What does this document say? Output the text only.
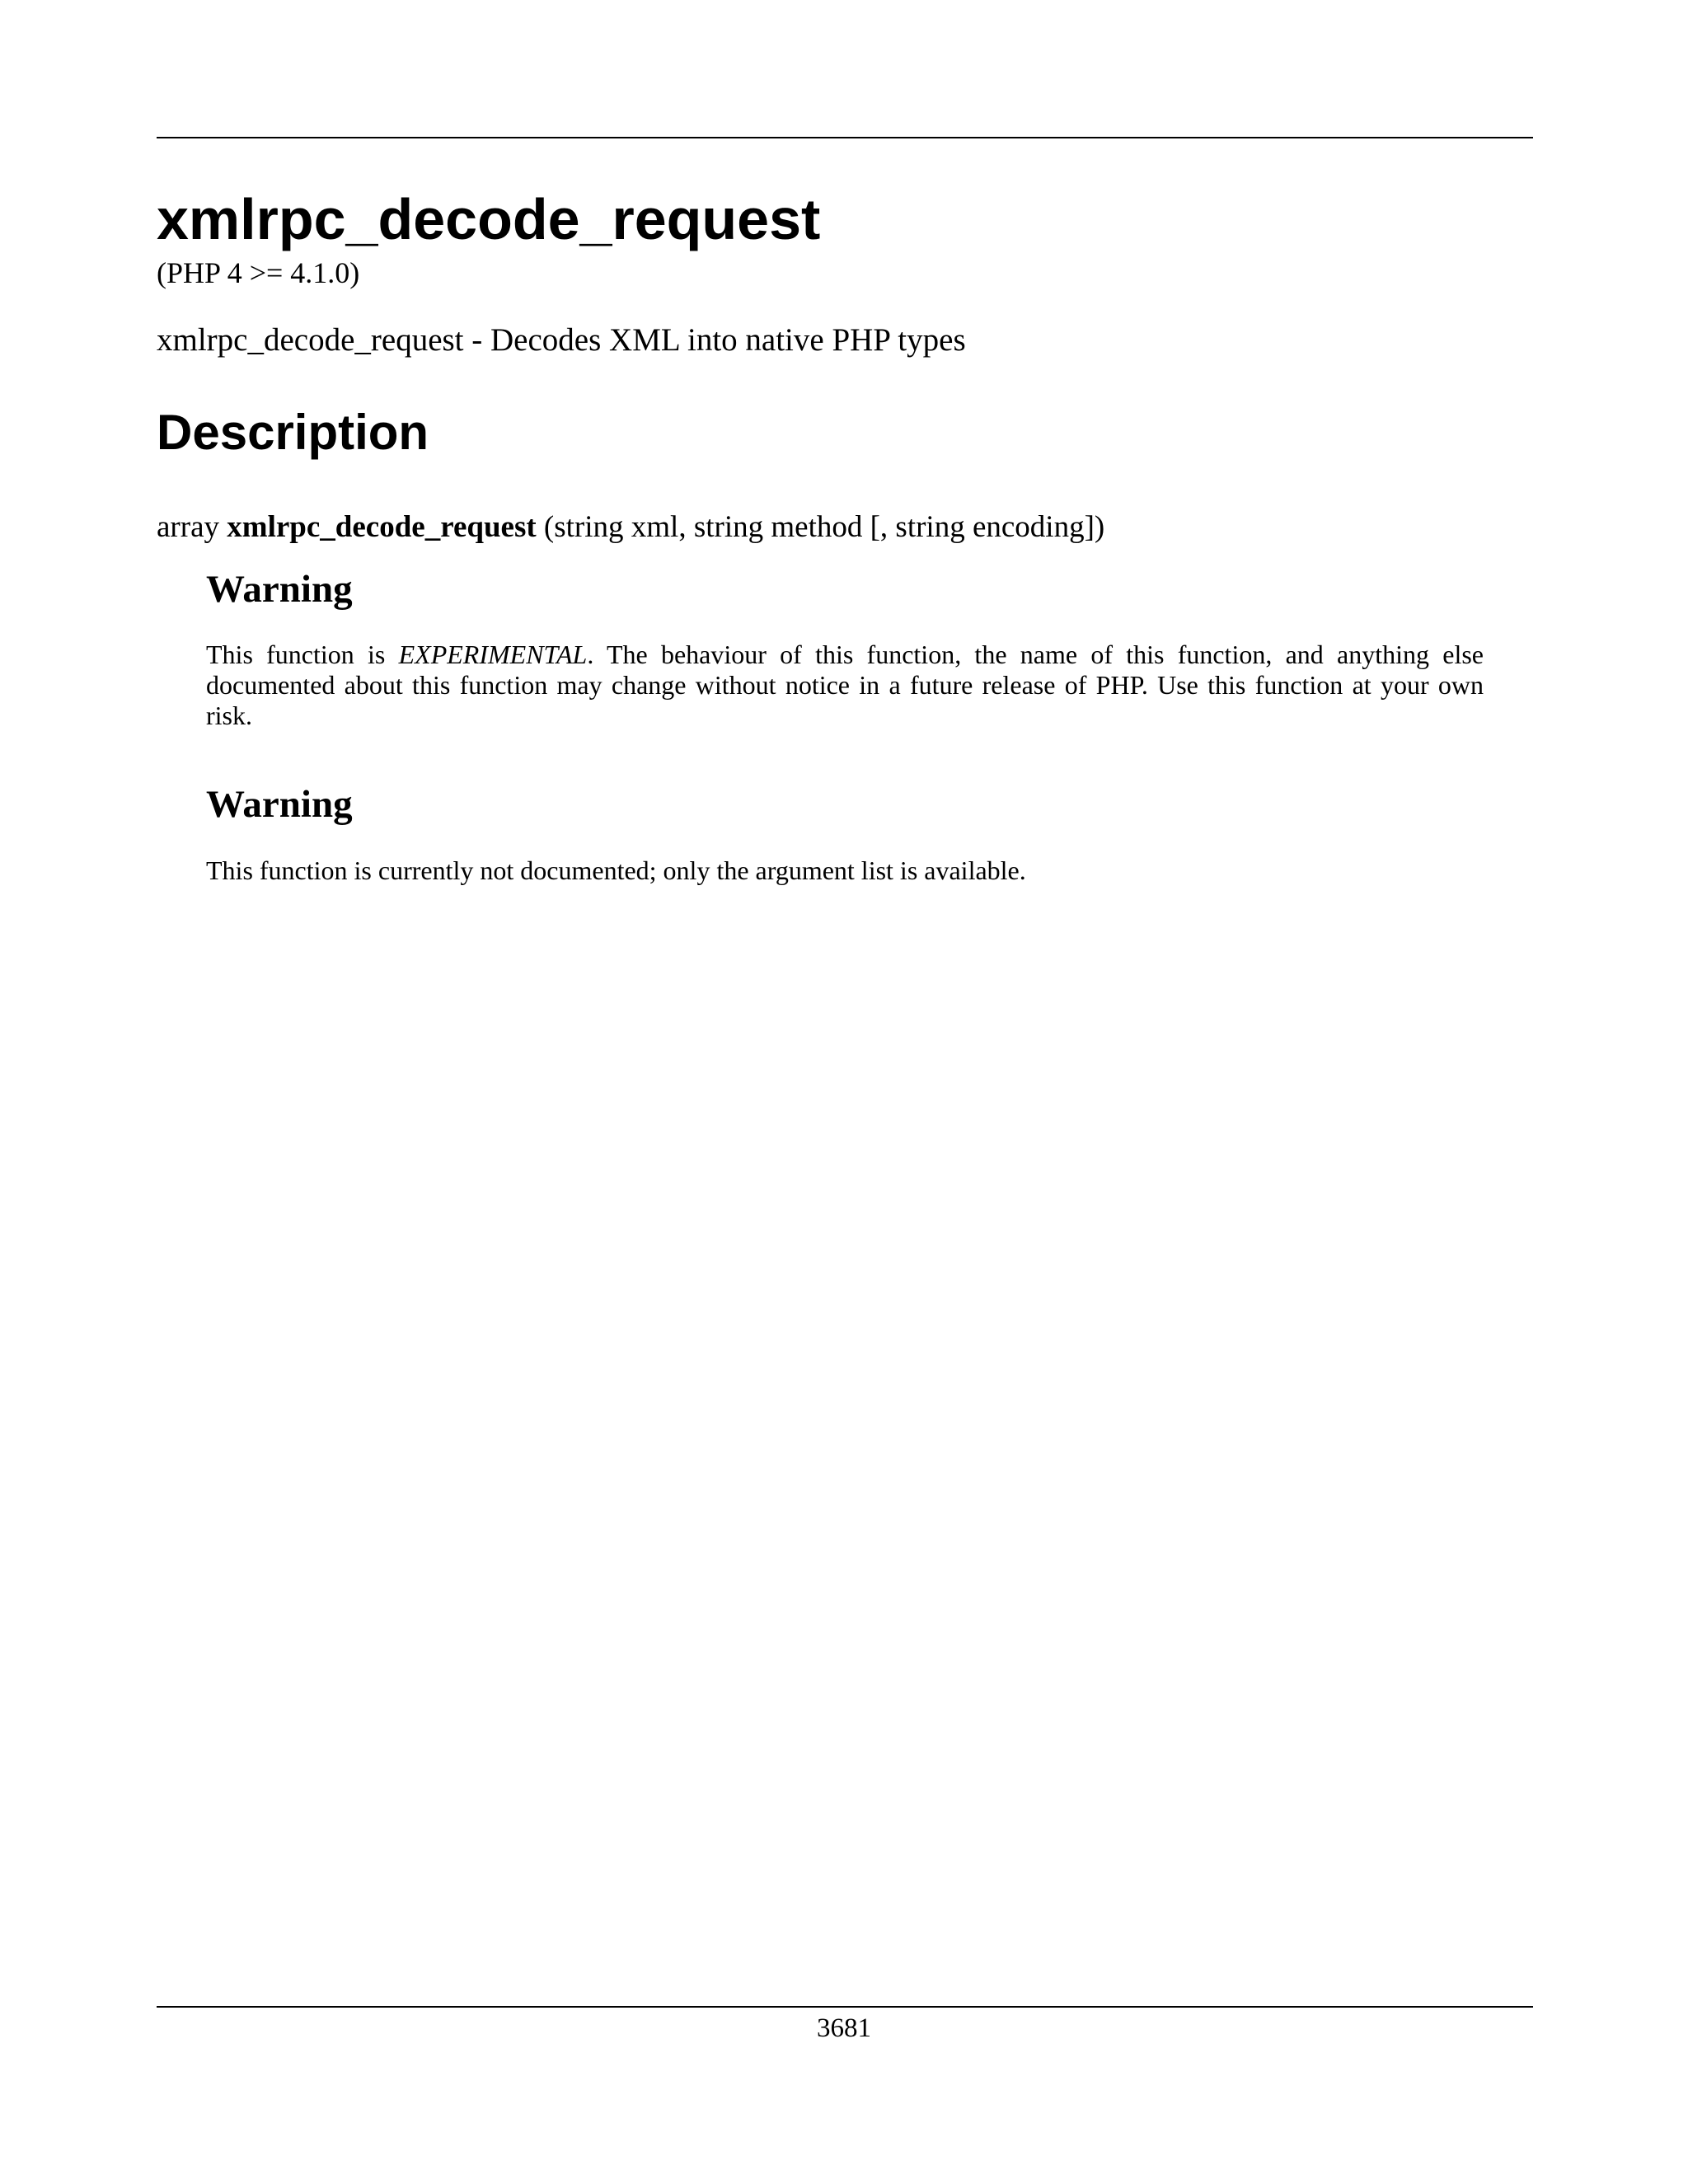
xmlrpc_decode_request
(PHP 4 >= 4.1.0)
xmlrpc_decode_request - Decodes XML into native PHP types
Description
array xmlrpc_decode_request (string xml, string method [, string encoding])
Warning
This function is EXPERIMENTAL. The behaviour of this function, the name of this function, and anything else documented about this function may change without notice in a future release of PHP. Use this function at your own risk.
Warning
This function is currently not documented; only the argument list is available.
3681
